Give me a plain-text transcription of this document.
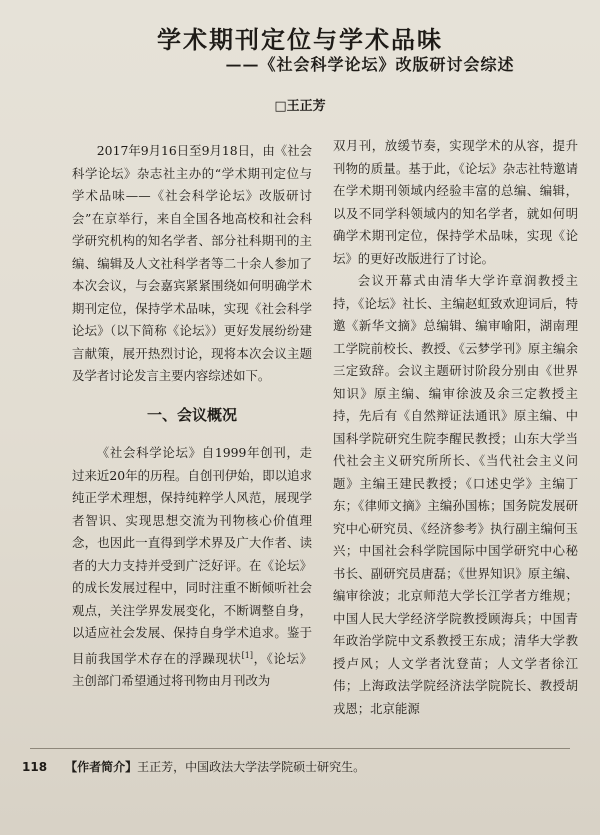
学术期刊定位与学术品味
——《社会科学论坛》改版研讨会综述
□王正芳

2017年9月16日至9月18日，由《社会科学论坛》杂志社主办的“学术期刊定位与学术品味——《社会科学论坛》改版研讨会”在京举行，来自全国各地高校和社会科学研究机构的知名学者、部分社科期刊的主编、编辑及人文社科学者等二十余人参加了本次会议，与会嘉宾紧紧围绕如何明确学术期刊定位，保持学术品味，实现《社会科学论坛》（以下简称《论坛》）更好发展纷纷建言献策，展开热烈讨论，现将本次会议主题及学者讨论发言主要内容综述如下。

一、会议概况

《社会科学论坛》自1999年创刊，走过来近20年的历程。自创刊伊始，即以追求纯正学术理想，保持纯粹学人风范，展现学者智识、实现思想交流为刊物核心价值理念，也因此一直得到学术界及广大作者、读者的大力支持并受到广泛好评。在《论坛》的成长发展过程中，同时注重不断倾听社会观点，关注学界发展变化，不断调整自身，以适应社会发展、保持自身学术追求。鉴于目前我国学术存在的浮躁现状[1]，《论坛》主创部门希望通过将刊物由月刊改为

双月刊，放缓节奏，实现学术的从容，提升刊物的质量。基于此，《论坛》杂志社特邀请在学术期刊领域内经验丰富的总编、编辑，以及不同学科领域内的知名学者，就如何明确学术期刊定位，保持学术品味，实现《论坛》的更好改版进行了讨论。

会议开幕式由清华大学许章润教授主持，《论坛》社长、主编赵虹致欢迎词后，特邀《新华文摘》总编辑、编审喻阳，湖南理工学院前校长、教授、《云梦学刊》原主编余三定致辞。会议主题研讨阶段分别由《世界知识》原主编、编审徐波及余三定教授主持，先后有《自然辩证法通讯》原主编、中国科学院研究生院李醒民教授；山东大学当代社会主义研究所所长、《当代社会主义问题》主编王建民教授；《口述史学》主编丁东；《律师文摘》主编孙国栋；国务院发展研究中心研究员、《经济参考》执行副主编何玉兴；中国社会科学院国际中国学研究中心秘书长、副研究员唐磊；《世界知识》原主编、编审徐波；北京师范大学长江学者方维规；中国人民大学经济学院教授顾海兵；中国青年政治学院中文系教授王东成；清华大学教授卢风；人文学者沈登苗；人文学者徐江伟；上海政法学院经济法学院院长、教授胡戎恩；北京能源

118 【作者简介】王正芳，中国政法大学法学院硕士研究生。
